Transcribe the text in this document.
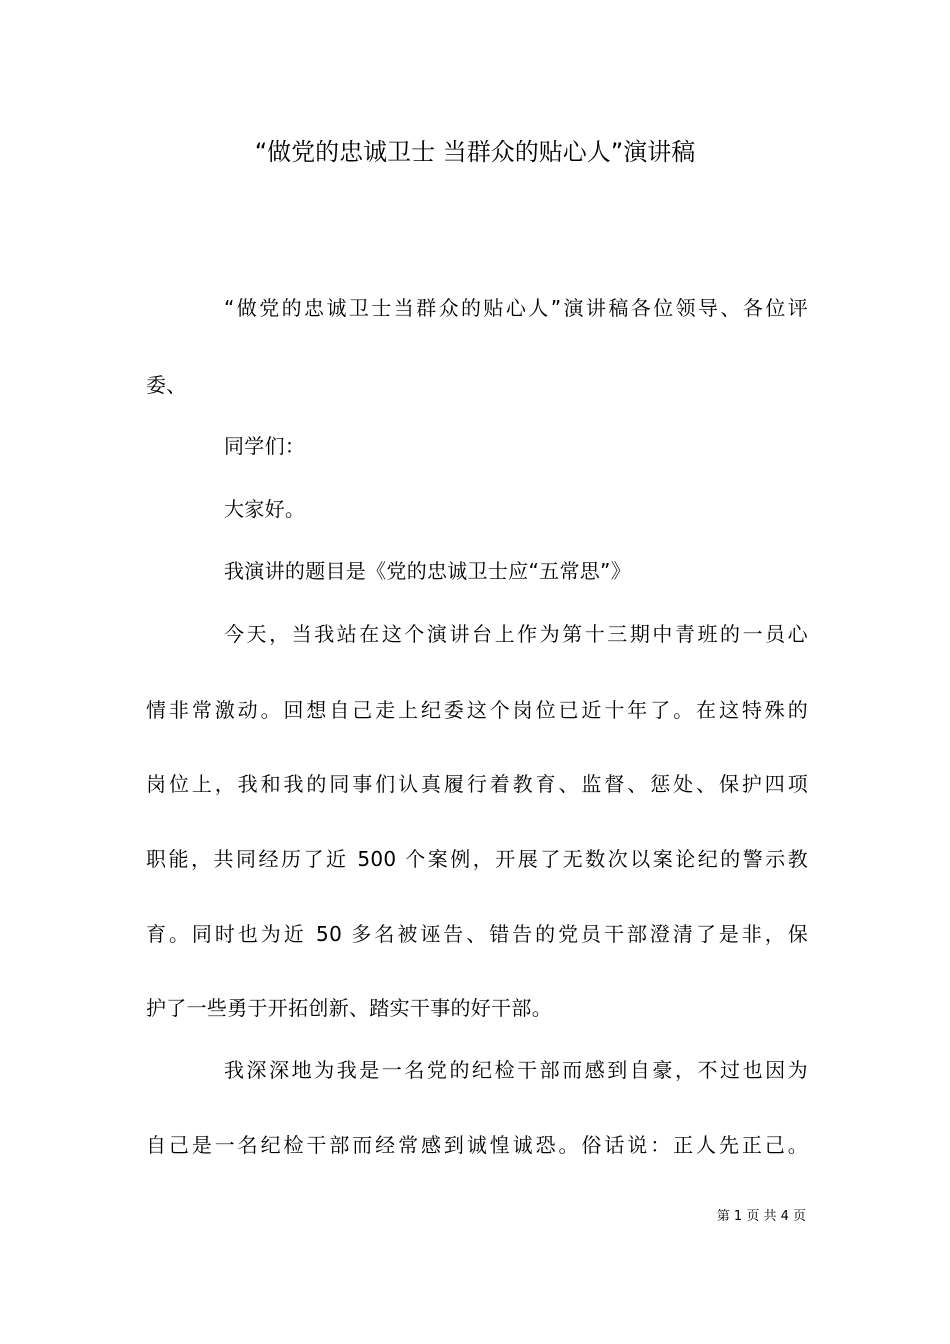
“做党的忠诚卫士 当群众的贴心人”演讲稿
“做党的忠诚卫士当群众的贴心人”演讲稿各位领导、各位评
委、
同学们：
大家好。
我演讲的题目是《党的忠诚卫士应“五常思”》
今天，当我站在这个演讲台上作为第十三期中青班的一员心
情非常激动。回想自己走上纪委这个岗位已近十年了。在这特殊的
岗位上，我和我的同事们认真履行着教育、监督、惩处、保护四项
职能，共同经历了近 500 个案例，开展了无数次以案论纪的警示教
育。同时也为近 50 多名被诬告、错告的党员干部澄清了是非，保
护了一些勇于开拓创新、踏实干事的好干部。
我深深地为我是一名党的纪检干部而感到自豪，不过也因为
自己是一名纪检干部而经常感到诚惶诚恐。俗话说：正人先正己。
第 1 页 共 4 页
